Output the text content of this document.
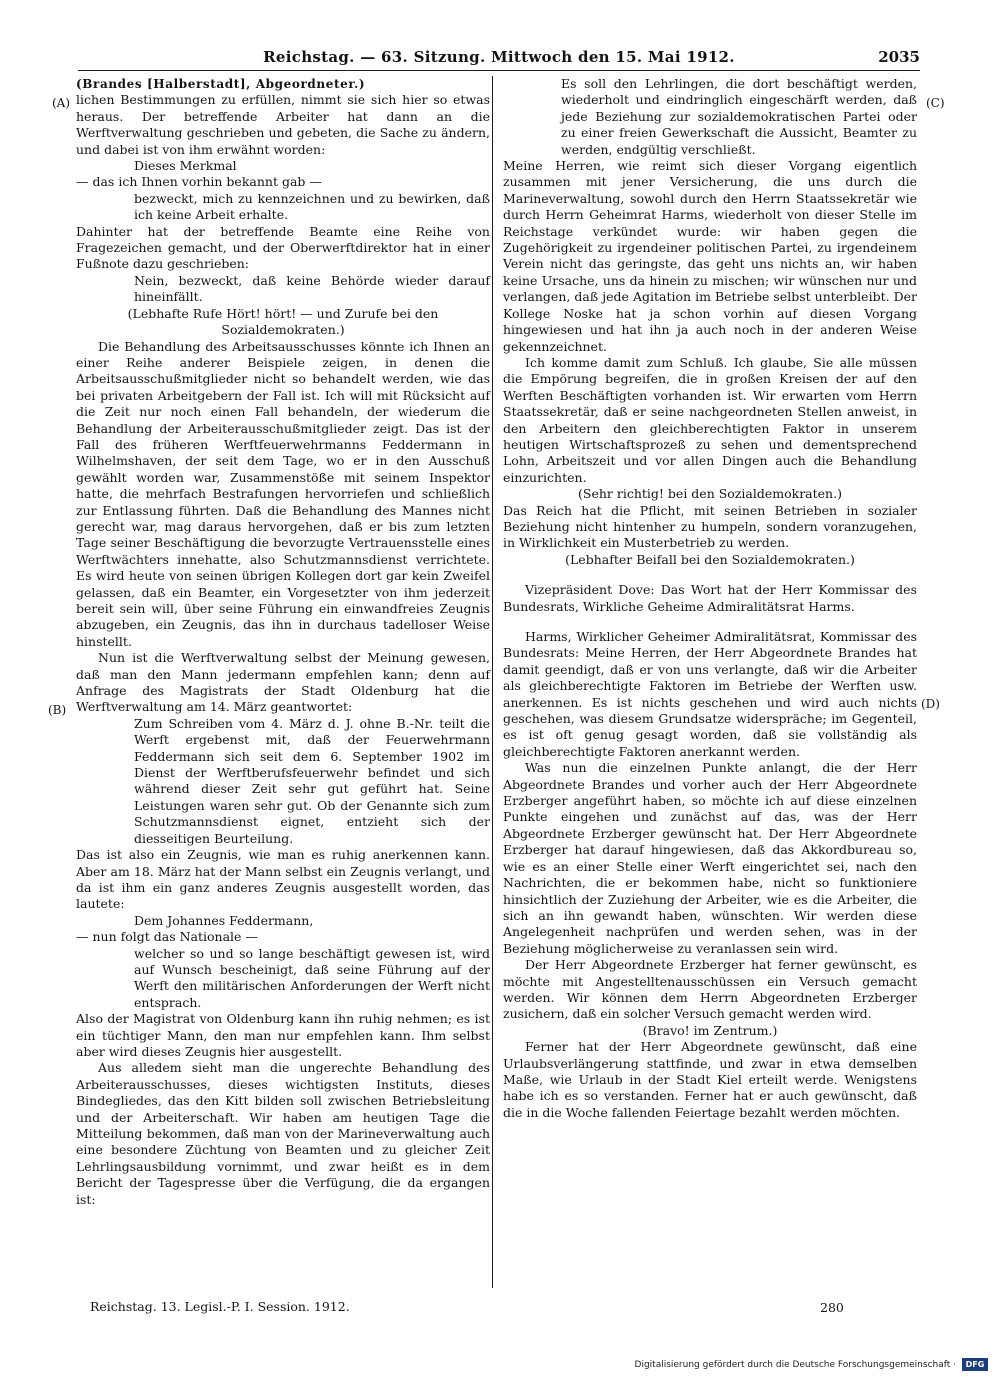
Reichstag. — 63. Sitzung. Mittwoch den 15. Mai 1912.	2035
(A)
(B)
(C)
(D)

(Brandes [Halberstadt], Abgeordneter.)

lichen Bestimmungen zu erfüllen, nimmt sie sich hier so etwas heraus. Der betreffende Arbeiter hat dann an die Werftverwaltung geschrieben und gebeten, die Sache zu ändern, und dabei ist von ihm erwähnt worden:

Dieses Merkmal

— das ich Ihnen vorhin bekannt gab —

bezweckt, mich zu kennzeichnen und zu bewirken, daß ich keine Arbeit erhalte.

Dahinter hat der betreffende Beamte eine Reihe von Fragezeichen gemacht, und der Oberwerftdirektor hat in einer Fußnote dazu geschrieben:

Nein, bezweckt, daß keine Behörde wieder darauf hineinfällt.

(Lebhafte Rufe Hört! hört! — und Zurufe bei den Sozialdemokraten.)

Die Behandlung des Arbeitsausschusses könnte ich Ihnen an einer Reihe anderer Beispiele zeigen, in denen die Arbeitsausschußmitglieder nicht so behandelt werden, wie das bei privaten Arbeitgebern der Fall ist. Ich will mit Rücksicht auf die Zeit nur noch einen Fall behandeln, der wiederum die Behandlung der Arbeiterausschußmitglieder zeigt. Das ist der Fall des früheren Werftfeuerwehrmanns Feddermann in Wilhelmshaven, der seit dem Tage, wo er in den Ausschuß gewählt worden war, Zusammenstöße mit seinem Inspektor hatte, die mehrfach Bestrafungen hervorriefen und schließlich zur Entlassung führten. Daß die Behandlung des Mannes nicht gerecht war, mag daraus hervorgehen, daß er bis zum letzten Tage seiner Beschäftigung die bevorzugte Vertrauensstelle eines Werftwächters innehatte, also Schutzmannsdienst verrichtete. Es wird heute von seinen übrigen Kollegen dort gar kein Zweifel gelassen, daß ein Beamter, ein Vorgesetzter von ihm jederzeit bereit sein will, über seine Führung ein einwandfreies Zeugnis abzugeben, ein Zeugnis, das ihn in durchaus tadelloser Weise hinstellt.

Nun ist die Werftverwaltung selbst der Meinung gewesen, daß man den Mann jedermann empfehlen kann; denn auf Anfrage des Magistrats der Stadt Oldenburg hat die Werftverwaltung am 14. März geantwortet:

Zum Schreiben vom 4. März d. J. ohne B.-Nr. teilt die Werft ergebenst mit, daß der Feuerwehrmann Feddermann sich seit dem 6. September 1902 im Dienst der Werftberufsfeuerwehr befindet und sich während dieser Zeit sehr gut geführt hat. Seine Leistungen waren sehr gut. Ob der Genannte sich zum Schutzmannsdienst eignet, entzieht sich der diesseitigen Beurteilung.

Das ist also ein Zeugnis, wie man es ruhig anerkennen kann. Aber am 18. März hat der Mann selbst ein Zeugnis verlangt, und da ist ihm ein ganz anderes Zeugnis ausgestellt worden, das lautete:

Dem Johannes Feddermann,

— nun folgt das Nationale —

welcher so und so lange beschäftigt gewesen ist, wird auf Wunsch bescheinigt, daß seine Führung auf der Werft den militärischen Anforderungen der Werft nicht entsprach.

Also der Magistrat von Oldenburg kann ihn ruhig nehmen; es ist ein tüchtiger Mann, den man nur empfehlen kann. Ihm selbst aber wird dieses Zeugnis hier ausgestellt.

Aus alledem sieht man die ungerechte Behandlung des Arbeiterausschusses, dieses wichtigsten Instituts, dieses Bindegliedes, das den Kitt bilden soll zwischen Betriebsleitung und der Arbeiterschaft. Wir haben am heutigen Tage die Mitteilung bekommen, daß man von der Marineverwaltung auch eine besondere Züchtung von Beamten und zu gleicher Zeit Lehrlingsausbildung vornimmt, und zwar heißt es in dem Bericht der Tagespresse über die Verfügung, die da ergangen ist:

Es soll den Lehrlingen, die dort beschäftigt werden, wiederholt und eindringlich eingeschärft werden, daß jede Beziehung zur sozialdemokratischen Partei oder zu einer freien Gewerkschaft die Aussicht, Beamter zu werden, endgültig verschließt.

Meine Herren, wie reimt sich dieser Vorgang eigentlich zusammen mit jener Versicherung, die uns durch die Marineverwaltung, sowohl durch den Herrn Staatssekretär wie durch Herrn Geheimrat Harms, wiederholt von dieser Stelle im Reichstage verkündet wurde: wir haben gegen die Zugehörigkeit zu irgendeiner politischen Partei, zu irgendeinem Verein nicht das geringste, das geht uns nichts an, wir haben keine Ursache, uns da hinein zu mischen; wir wünschen nur und verlangen, daß jede Agitation im Betriebe selbst unterbleibt. Der Kollege Noske hat ja schon vorhin auf diesen Vorgang hingewiesen und hat ihn ja auch noch in der anderen Weise gekennzeichnet.

Ich komme damit zum Schluß. Ich glaube, Sie alle müssen die Empörung begreifen, die in großen Kreisen der auf den Werften Beschäftigten vorhanden ist. Wir erwarten vom Herrn Staatssekretär, daß er seine nachgeordneten Stellen anweist, in den Arbeitern den gleichberechtigten Faktor in unserem heutigen Wirtschaftsprozeß zu sehen und dementsprechend Lohn, Arbeitszeit und vor allen Dingen auch die Behandlung einzurichten.

(Sehr richtig! bei den Sozialdemokraten.)

Das Reich hat die Pflicht, mit seinen Betrieben in sozialer Beziehung nicht hintenher zu humpeln, sondern voranzugehen, in Wirklichkeit ein Musterbetrieb zu werden.

(Lebhafter Beifall bei den Sozialdemokraten.)

Vizepräsident Dove: Das Wort hat der Herr Kommissar des Bundesrats, Wirkliche Geheime Admiralitätsrat Harms.

Harms, Wirklicher Geheimer Admiralitätsrat, Kommissar des Bundesrats: Meine Herren, der Herr Abgeordnete Brandes hat damit geendigt, daß er von uns verlangte, daß wir die Arbeiter als gleichberechtigte Faktoren im Betriebe der Werften usw. anerkennen. Es ist nichts geschehen und wird auch nichts geschehen, was diesem Grundsatze widerspräche; im Gegenteil, es ist oft genug gesagt worden, daß sie vollständig als gleichberechtigte Faktoren anerkannt werden.

Was nun die einzelnen Punkte anlangt, die der Herr Abgeordnete Brandes und vorher auch der Herr Abgeordnete Erzberger angeführt haben, so möchte ich auf diese einzelnen Punkte eingehen und zunächst auf das, was der Herr Abgeordnete Erzberger gewünscht hat. Der Herr Abgeordnete Erzberger hat darauf hingewiesen, daß das Akkordbureau so, wie es an einer Stelle einer Werft eingerichtet sei, nach den Nachrichten, die er bekommen habe, nicht so funktioniere hinsichtlich der Zuziehung der Arbeiter, wie es die Arbeiter, die sich an ihn gewandt haben, wünschten. Wir werden diese Angelegenheit nachprüfen und werden sehen, was in der Beziehung möglicherweise zu veranlassen sein wird.

Der Herr Abgeordnete Erzberger hat ferner gewünscht, es möchte mit Angestelltenausschüssen ein Versuch gemacht werden. Wir können dem Herrn Abgeordneten Erzberger zusichern, daß ein solcher Versuch gemacht werden wird.

(Bravo! im Zentrum.)

Ferner hat der Herr Abgeordnete gewünscht, daß eine Urlaubsverlängerung stattfinde, und zwar in etwa demselben Maße, wie Urlaub in der Stadt Kiel erteilt werde. Wenigstens habe ich es so verstanden. Ferner hat er auch gewünscht, daß die in die Woche fallenden Feiertage bezahlt werden möchten.

Reichstag. 13. Legisl.-P. I. Session. 1912.	280
Digitalisierung gefördert durch die Deutsche Forschungsgemeinschaft ·	DFG
